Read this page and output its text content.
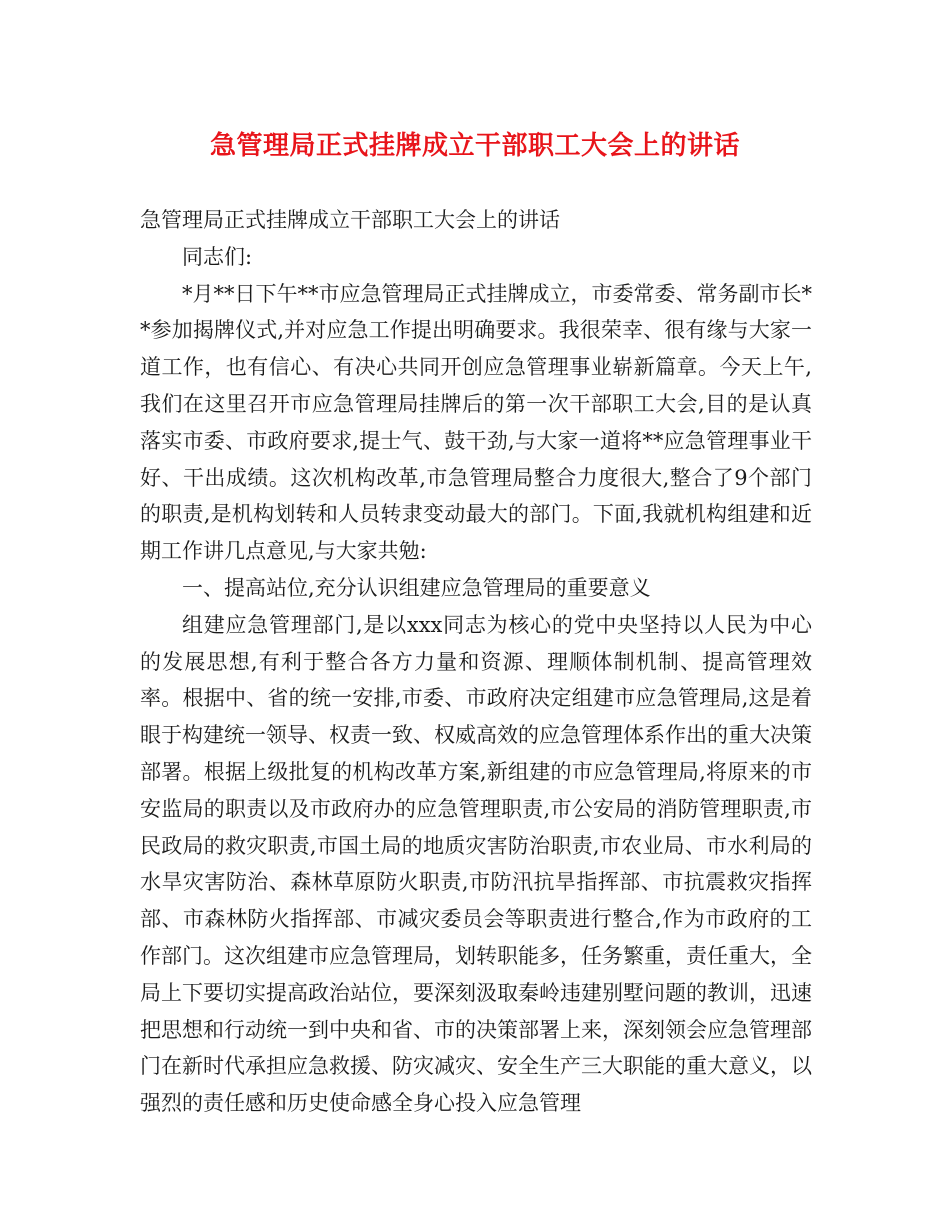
急管理局正式挂牌成立干部职工大会上的讲话

急管理局正式挂牌成立干部职工大会上的讲话

同志们:

*月**日下午**市应急管理局正式挂牌成立，市委常委、常务副市长**参加揭牌仪式,并对应急工作提出明确要求。我很荣幸、很有缘与大家一道工作，也有信心、有决心共同开创应急管理事业崭新篇章。今天上午,我们在这里召开市应急管理局挂牌后的第一次干部职工大会,目的是认真落实市委、市政府要求,提士气、鼓干劲,与大家一道将**应急管理事业干好、干出成绩。这次机构改革,市急管理局整合力度很大,整合了9个部门的职责,是机构划转和人员转隶变动最大的部门。下面,我就机构组建和近期工作讲几点意见,与大家共勉:

一、提高站位,充分认识组建应急管理局的重要意义

组建应急管理部门,是以xxx同志为核心的党中央坚持以人民为中心的发展思想,有利于整合各方力量和资源、理顺体制机制、提高管理效率。根据中、省的统一安排,市委、市政府决定组建市应急管理局,这是着眼于构建统一领导、权责一致、权威高效的应急管理体系作出的重大决策部署。根据上级批复的机构改革方案,新组建的市应急管理局,将原来的市安监局的职责以及市政府办的应急管理职责,市公安局的消防管理职责,市民政局的救灾职责,市国土局的地质灾害防治职责,市农业局、市水利局的水旱灾害防治、森林草原防火职责,市防汛抗旱指挥部、市抗震救灾指挥部、市森林防火指挥部、市减灾委员会等职责进行整合,作为市政府的工作部门。这次组建市应急管理局，划转职能多，任务繁重，责任重大，全局上下要切实提高政治站位，要深刻汲取秦岭违建别墅问题的教训，迅速把思想和行动统一到中央和省、市的决策部署上来，深刻领会应急管理部门在新时代承担应急救援、防灾减灾、安全生产三大职能的重大意义，以强烈的责任感和历史使命感全身心投入应急管理
